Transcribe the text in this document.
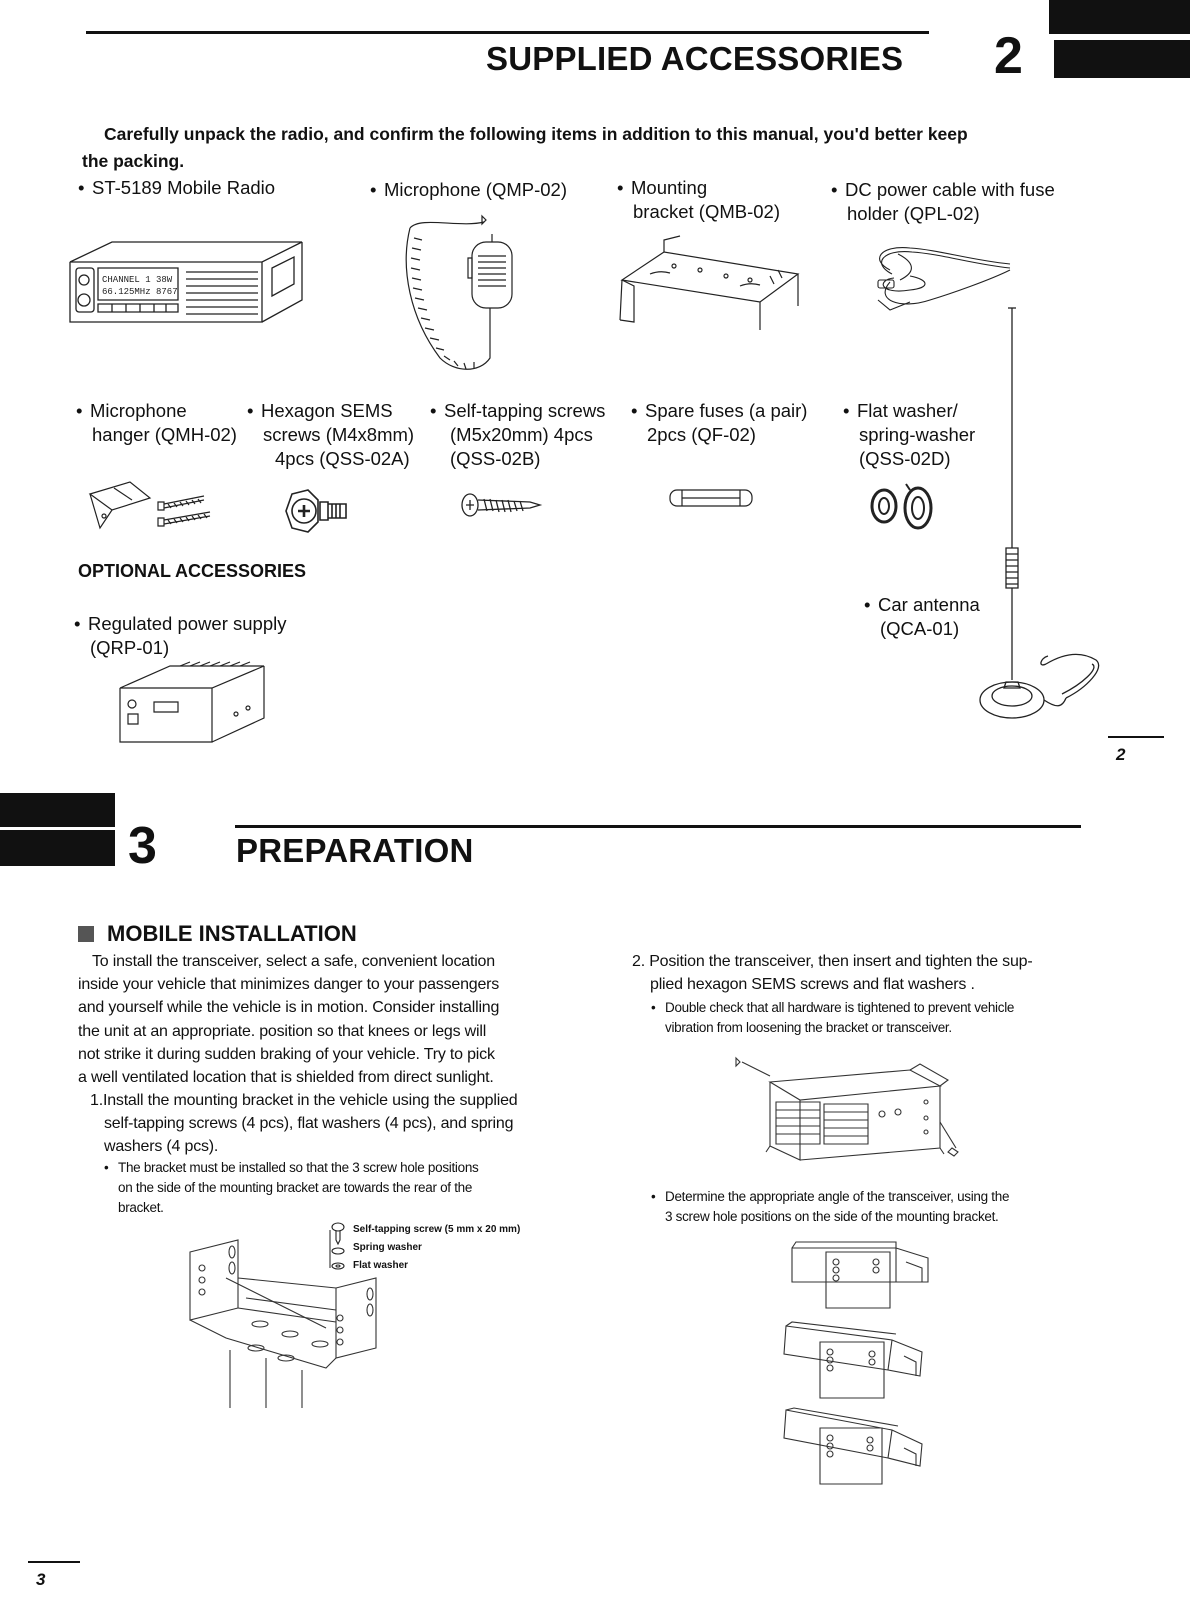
SUPPLIED ACCESSORIES 2
Carefully unpack the radio, and confirm the following items in addition to this manual, you'd better keep
the packing.
• ST-5189 Mobile Radio	• Microphone (QMP-02)	• Mounting
bracket (QMB-02)
• DC power cable with fuse
holder (QPL-02)
CHANNEL 1 38W
66.125MHz 8767
• Microphone
hanger (QMH-02)
• Hexagon SEMS
screws (M4x8mm)
4pcs (QSS-02A)
• Self-tapping screws
(M5x20mm) 4pcs
(QSS-02B)
• Spare fuses (a pair)
2pcs (QF-02)
• Flat washer/
spring-washer
(QSS-02D)
OPTIONAL ACCESSORIES
• Regulated power supply
(QRP-01)
• Car antenna
(QCA-01)
2
3 PREPARATION
MOBILE INSTALLATION
To install the transceiver, select a safe, convenient location
inside your vehicle that minimizes danger to your passengers
and yourself while the vehicle is in motion. Consider installing
the unit at an appropriate. position so that knees or legs will
not strike it during sudden braking of your vehicle. Try to pick
a well ventilated location that is shielded from direct sunlight.
1.Install the mounting bracket in the vehicle using the supplied
self-tapping screws (4 pcs), flat washers (4 pcs), and spring
washers (4 pcs).
• The bracket must be installed so that the 3 screw hole positions
on the side of the mounting bracket are towards the rear of the
bracket.
Self-tapping screw (5 mm x 20 mm)
Spring washer
Flat washer
2. Position the transceiver, then insert and tighten the sup-
plied hexagon SEMS screws and flat washers .
• Double check that all hardware is tightened to prevent vehicle
vibration from loosening the bracket or transceiver.
• Determine the appropriate angle of the transceiver, using the
3 screw hole positions on the side of the mounting bracket.
3
